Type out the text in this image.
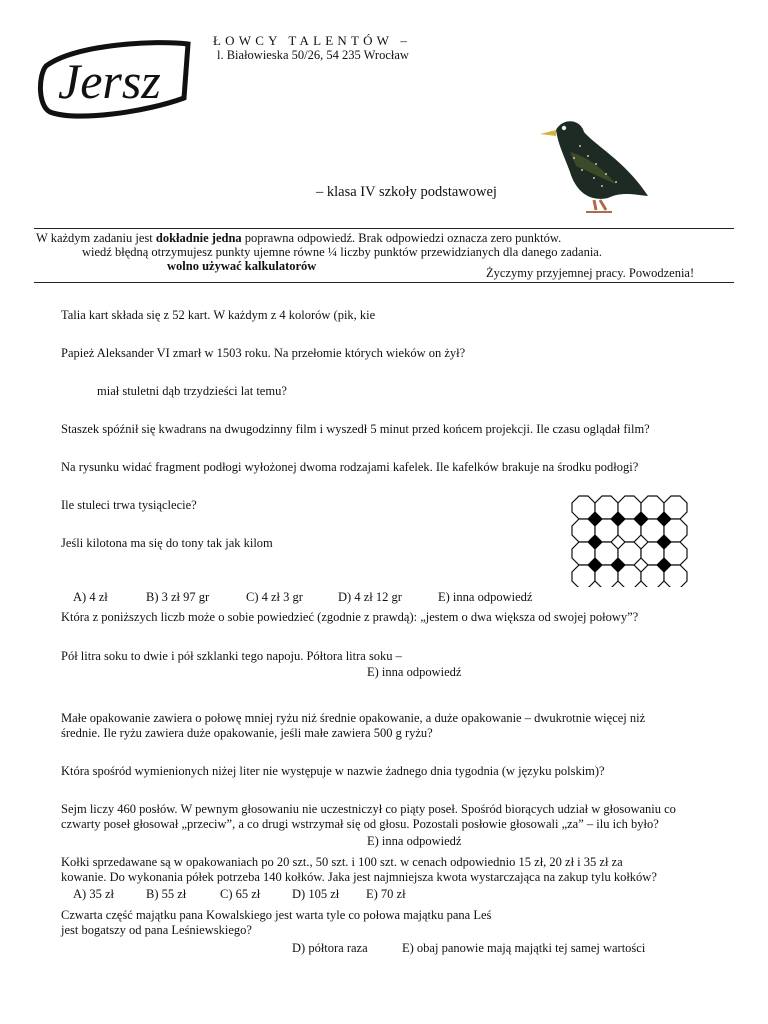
Jersz
ŁOWCY TALENTÓW –
l. Białowieska 50/26, 54 235 Wrocław
– klasa IV szkoły podstawowej
W każdym zadaniu jest dokładnie jedna poprawna odpowiedź. Brak odpowiedzi oznacza zero punktów.
wiedź błędną otrzymujesz punkty ujemne równe ¼ liczby punktów przewidzianych dla danego zadania.
wolno używać kalkulatorów	Życzymy przyjemnej pracy. Powodzenia!
Talia kart składa się z 52 kart. W każdym z 4 kolorów (pik, kie
Papież Aleksander VI zmarł w 1503 roku. Na przełomie których wieków on żył?
miał stuletni dąb trzydzieści lat temu?
Staszek spóźnił się kwadrans na dwugodzinny film i wyszedł 5 minut przed końcem projekcji. Ile czasu oglądał film?
Na rysunku widać fragment podłogi wyłożonej dwoma rodzajami kafelek. Ile kafelków brakuje na środku podłogi?
Ile stuleci trwa tysiąclecie?
Jeśli kilotona ma się do tony tak jak kilom
A) 4 zł	B) 3 zł 97 gr	C) 4 zł 3 gr	D) 4 zł 12 gr	E) inna odpowiedź
Która z poniższych liczb może o sobie powiedzieć (zgodnie z prawdą): „jestem o dwa większa od swojej połowy”?
Pół litra soku to dwie i pół szklanki tego napoju. Półtora litra soku –
E) inna odpowiedź
Małe opakowanie zawiera o połowę mniej ryżu niż średnie opakowanie, a duże opakowanie – dwukrotnie więcej niż
średnie. Ile ryżu zawiera duże opakowanie, jeśli małe zawiera 500 g ryżu?
Która spośród wymienionych niżej liter nie występuje w nazwie żadnego dnia tygodnia (w języku polskim)?
Sejm liczy 460 posłów. W pewnym głosowaniu nie uczestniczył co piąty poseł. Spośród biorących udział w głosowaniu co
czwarty poseł głosował „przeciw”, a co drugi wstrzymał się od głosu. Pozostali posłowie głosowali „za” – ilu ich było?
E) inna odpowiedź
Kołki sprzedawane są w opakowaniach po 20 szt., 50 szt. i 100 szt. w cenach odpowiednio 15 zł, 20 zł i 35 zł za
kowanie. Do wykonania półek potrzeba 140 kołków. Jaka jest najmniejsza kwota wystarczająca na zakup tylu kołków?
A) 35 zł	B) 55 zł	C) 65 zł	D) 105 zł E) 70 zł
Czwarta część majątku pana Kowalskiego jest warta tyle co połowa majątku pana Leś
jest bogatszy od pana Leśniewskiego?
D) półtora raza	E) obaj panowie mają majątki tej samej wartości
